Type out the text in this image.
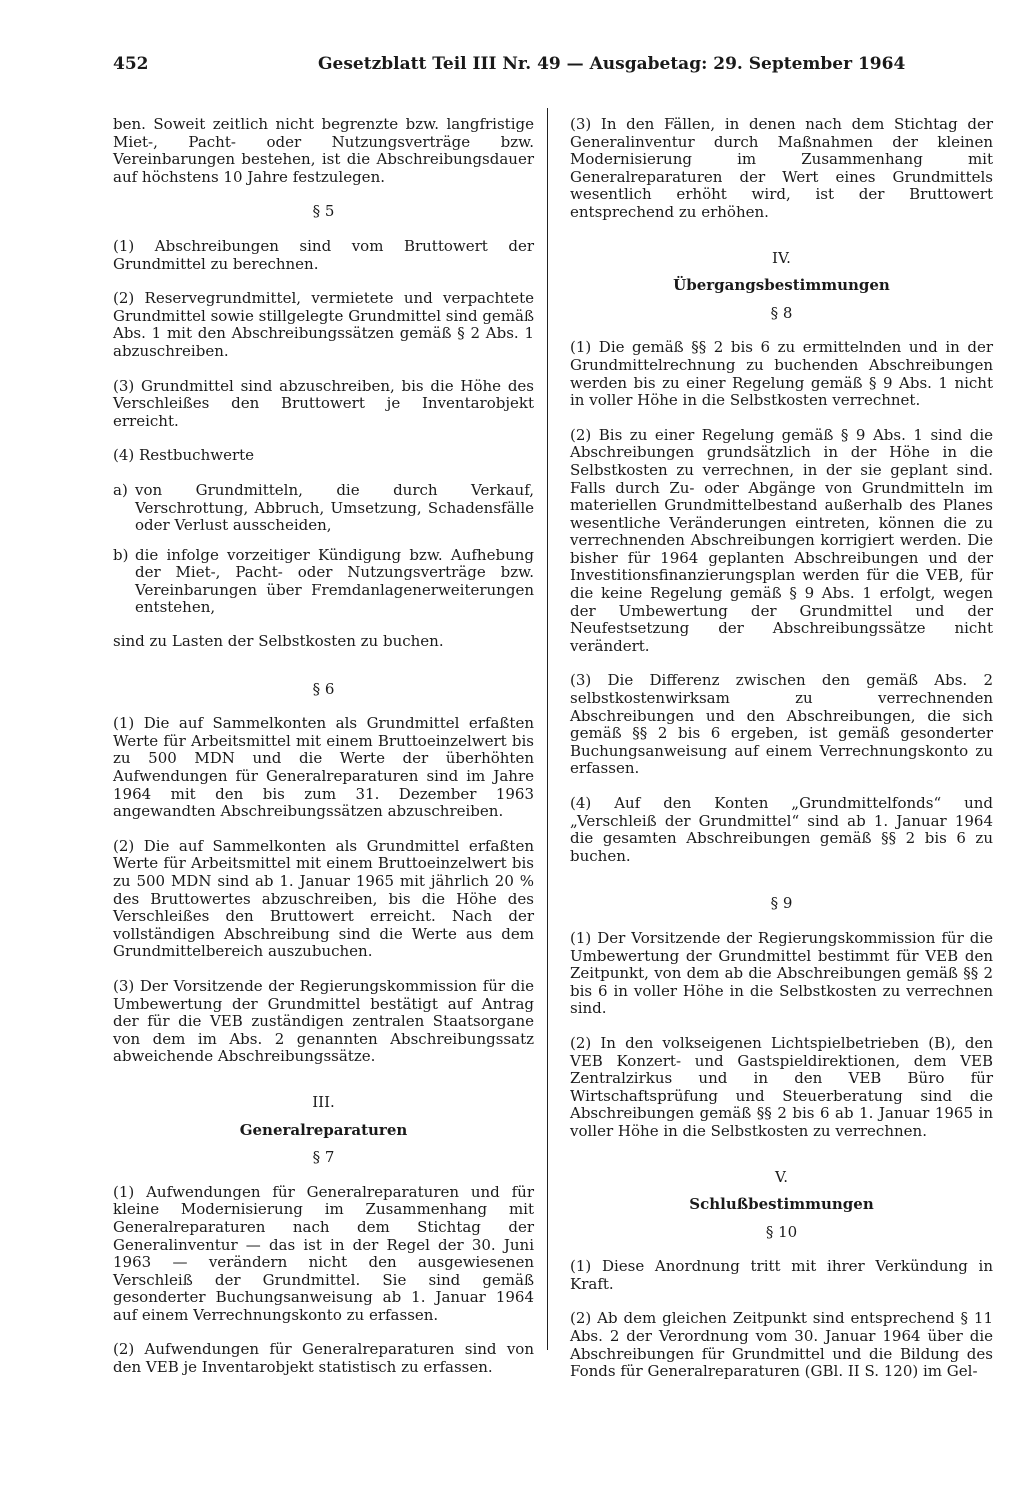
452	Gesetzblatt Teil III Nr. 49 — Ausgabetag: 29. September 1964

ben. Soweit zeitlich nicht begrenzte bzw. langfristige Miet-, Pacht- oder Nutzungsverträge bzw. Vereinbarungen bestehen, ist die Abschreibungsdauer auf höchstens 10 Jahre festzulegen.

§ 5

(1) Abschreibungen sind vom Bruttowert der Grundmittel zu berechnen.

(2) Reservegrundmittel, vermietete und verpachtete Grundmittel sowie stillgelegte Grundmittel sind gemäß Abs. 1 mit den Abschreibungssätzen gemäß § 2 Abs. 1 abzuschreiben.

(3) Grundmittel sind abzuschreiben, bis die Höhe des Verschleißes den Bruttowert je Inventarobjekt erreicht.

(4) Restbuchwerte

a) von Grundmitteln, die durch Verkauf, Verschrottung, Abbruch, Umsetzung, Schadensfälle oder Verlust ausscheiden,
b) die infolge vorzeitiger Kündigung bzw. Aufhebung der Miet-, Pacht- oder Nutzungsverträge bzw. Vereinbarungen über Fremdanlagenerweiterungen entstehen,

sind zu Lasten der Selbstkosten zu buchen.

§ 6

(1) Die auf Sammelkonten als Grundmittel erfaßten Werte für Arbeitsmittel mit einem Bruttoeinzelwert bis zu 500 MDN und die Werte der überhöhten Aufwendungen für Generalreparaturen sind im Jahre 1964 mit den bis zum 31. Dezember 1963 angewandten Abschreibungssätzen abzuschreiben.

(2) Die auf Sammelkonten als Grundmittel erfaßten Werte für Arbeitsmittel mit einem Bruttoeinzelwert bis zu 500 MDN sind ab 1. Januar 1965 mit jährlich 20 % des Bruttowertes abzuschreiben, bis die Höhe des Verschleißes den Bruttowert erreicht. Nach der vollständigen Abschreibung sind die Werte aus dem Grundmittelbereich auszubuchen.

(3) Der Vorsitzende der Regierungskommission für die Umbewertung der Grundmittel bestätigt auf Antrag der für die VEB zuständigen zentralen Staatsorgane von dem im Abs. 2 genannten Abschreibungssatz abweichende Abschreibungssätze.

III.

Generalreparaturen

§ 7

(1) Aufwendungen für Generalreparaturen und für kleine Modernisierung im Zusammenhang mit Generalreparaturen nach dem Stichtag der Generalinventur — das ist in der Regel der 30. Juni 1963 — verändern nicht den ausgewiesenen Verschleiß der Grundmittel. Sie sind gemäß gesonderter Buchungsanweisung ab 1. Januar 1964 auf einem Verrechnungskonto zu erfassen.

(2) Aufwendungen für Generalreparaturen sind von den VEB je Inventarobjekt statistisch zu erfassen.

(3) In den Fällen, in denen nach dem Stichtag der Generalinventur durch Maßnahmen der kleinen Modernisierung im Zusammenhang mit Generalreparaturen der Wert eines Grundmittels wesentlich erhöht wird, ist der Bruttowert entsprechend zu erhöhen.

IV.

Übergangsbestimmungen

§ 8

(1) Die gemäß §§ 2 bis 6 zu ermittelnden und in der Grundmittelrechnung zu buchenden Abschreibungen werden bis zu einer Regelung gemäß § 9 Abs. 1 nicht in voller Höhe in die Selbstkosten verrechnet.

(2) Bis zu einer Regelung gemäß § 9 Abs. 1 sind die Abschreibungen grundsätzlich in der Höhe in die Selbstkosten zu verrechnen, in der sie geplant sind. Falls durch Zu- oder Abgänge von Grundmitteln im materiellen Grundmittelbestand außerhalb des Planes wesentliche Veränderungen eintreten, können die zu verrechnenden Abschreibungen korrigiert werden. Die bisher für 1964 geplanten Abschreibungen und der Investitionsfinanzierungsplan werden für die VEB, für die keine Regelung gemäß § 9 Abs. 1 erfolgt, wegen der Umbewertung der Grundmittel und der Neufestsetzung der Abschreibungssätze nicht verändert.

(3) Die Differenz zwischen den gemäß Abs. 2 selbstkostenwirksam zu verrechnenden Abschreibungen und den Abschreibungen, die sich gemäß §§ 2 bis 6 ergeben, ist gemäß gesonderter Buchungsanweisung auf einem Verrechnungskonto zu erfassen.

(4) Auf den Konten „Grundmittelfonds“ und „Verschleiß der Grundmittel“ sind ab 1. Januar 1964 die gesamten Abschreibungen gemäß §§ 2 bis 6 zu buchen.

§ 9

(1) Der Vorsitzende der Regierungskommission für die Umbewertung der Grundmittel bestimmt für VEB den Zeitpunkt, von dem ab die Abschreibungen gemäß §§ 2 bis 6 in voller Höhe in die Selbstkosten zu verrechnen sind.

(2) In den volkseigenen Lichtspielbetrieben (B), den VEB Konzert- und Gastspieldirektionen, dem VEB Zentralzirkus und in den VEB Büro für Wirtschaftsprüfung und Steuerberatung sind die Abschreibungen gemäß §§ 2 bis 6 ab 1. Januar 1965 in voller Höhe in die Selbstkosten zu verrechnen.

V.

Schlußbestimmungen

§ 10

(1) Diese Anordnung tritt mit ihrer Verkündung in Kraft.

(2) Ab dem gleichen Zeitpunkt sind entsprechend § 11 Abs. 2 der Verordnung vom 30. Januar 1964 über die Abschreibungen für Grundmittel und die Bildung des Fonds für Generalreparaturen (GBl. II S. 120) im Gel-
